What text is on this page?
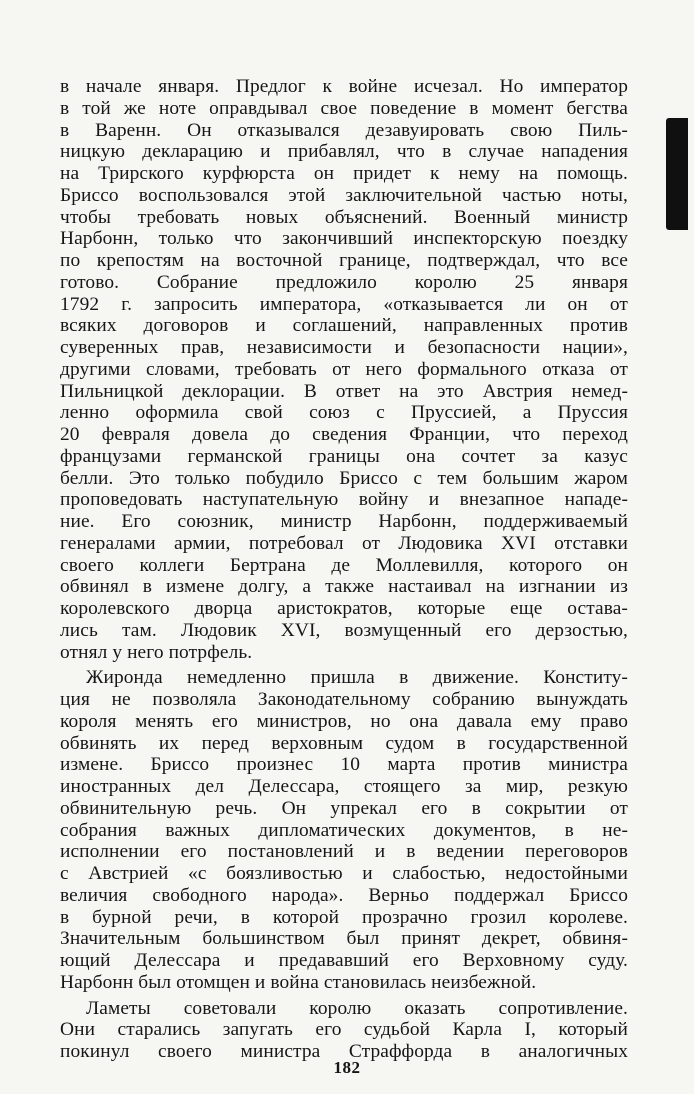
в начале января. Предлог к войне исчезал. Но император
в той же ноте оправдывал свое поведение в момент бегства
в Варенн. Он отказывался дезавуировать свою Пиль-
ницкую декларацию и прибавлял, что в случае нападения
на Трирского курфюрста он придет к нему на помощь.
Бриссо воспользовался этой заключительной частью ноты,
чтобы требовать новых объяснений. Военный министр
Нарбонн, только что закончивший инспекторскую поездку
по крепостям на восточной границе, подтверждал, что все
готово. Собрание предложило королю 25 января
1792 г. запросить императора, «отказывается ли он от
всяких договоров и соглашений, направленных против
суверенных прав, независимости и безопасности нации»,
другими словами, требовать от него формального отказа от
Пильницкой деклорации. В ответ на это Австрия немед-
ленно оформила свой союз с Пруссией, а Пруссия
20 февраля довела до сведения Франции, что переход
французами германской границы она сочтет за казус
белли. Это только побудило Бриссо с тем большим жаром
проповедовать наступательную войну и внезапное нападе-
ние. Его союзник, министр Нарбонн, поддерживаемый
генералами армии, потребовал от Людовика XVI отставки
своего коллеги Бертрана де Моллевилля, которого он
обвинял в измене долгу, а также настаивал на изгнании из
королевского дворца аристократов, которые еще остава-
лись там. Людовик XVI, возмущенный его дерзостью,
отнял у него потрфель.

Жиронда немедленно пришла в движение. Конститу-
ция не позволяла Законодательному собранию вынуждать
короля менять его министров, но она давала ему право
обвинять их перед верховным судом в государственной
измене. Бриссо произнес 10 марта против министра
иностранных дел Делессара, стоящего за мир, резкую
обвинительную речь. Он упрекал его в сокрытии от
собрания важных дипломатических документов, в не-
исполнении его постановлений и в ведении переговоров
с Австрией «с боязливостью и слабостью, недостойными
величия свободного народа». Верньо поддержал Бриссо
в бурной речи, в которой прозрачно грозил королеве.
Значительным большинством был принят декрет, обвиня-
ющий Делессара и предававший его Верховному суду.
Нарбонн был отомщен и война становилась неизбежной.

Ламеты советовали королю оказать сопротивление.
Они старались запугать его судьбой Карла I, который
покинул своего министра Страффорда в аналогичных

182
